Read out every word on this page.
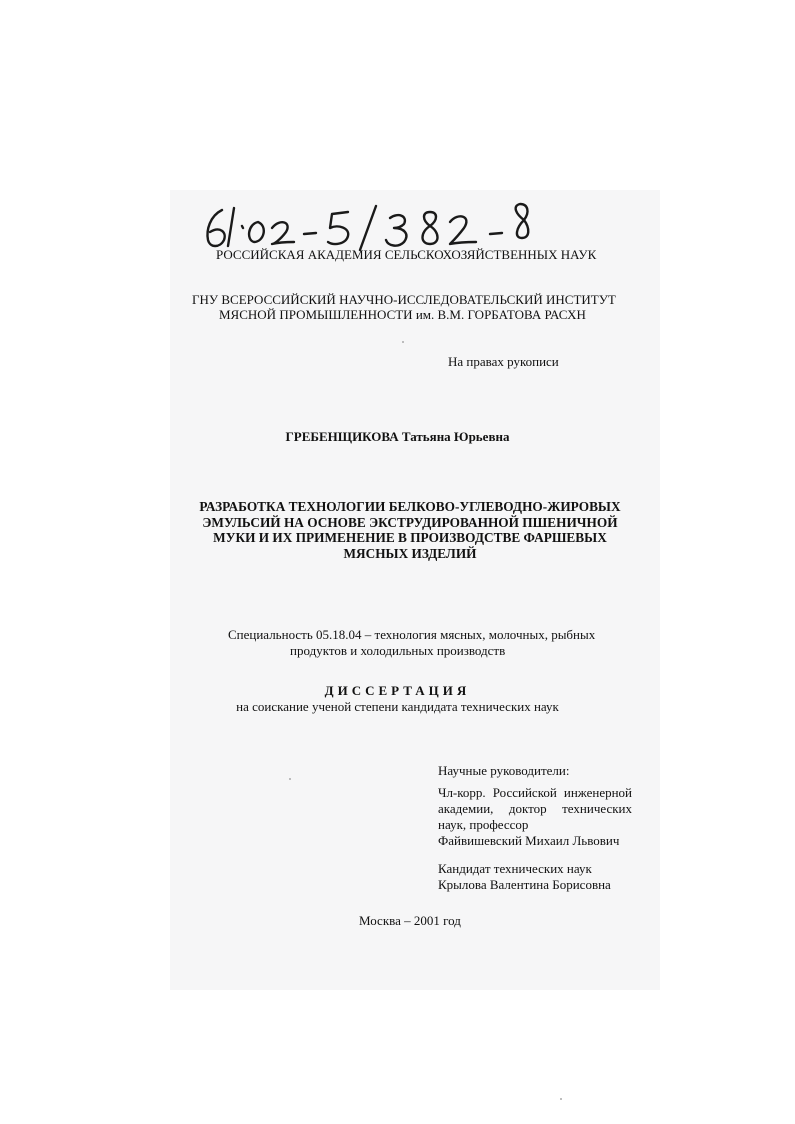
РОССИЙСКАЯ АКАДЕМИЯ СЕЛЬСКОХОЗЯЙСТВЕННЫХ НАУК
ГНУ ВСЕРОССИЙСКИЙ НАУЧНО-ИССЛЕДОВАТЕЛЬСКИЙ ИНСТИТУТ
МЯСНОЙ ПРОМЫШЛЕННОСТИ им. В.М. ГОРБАТОВА РАСХН
На правах рукописи
ГРЕБЕНЩИКОВА Татьяна Юрьевна
РАЗРАБОТКА ТЕХНОЛОГИИ БЕЛКОВО-УГЛЕВОДНО-ЖИРОВЫХ
ЭМУЛЬСИЙ НА ОСНОВЕ ЭКСТРУДИРОВАННОЙ ПШЕНИЧНОЙ
МУКИ И ИХ ПРИМЕНЕНИЕ В ПРОИЗВОДСТВЕ ФАРШЕВЫХ
МЯСНЫХ ИЗДЕЛИЙ
Специальность 05.18.04 – технология мясных, молочных, рыбных
продуктов и холодильных производств
ДИССЕРТАЦИЯ
на соискание ученой степени кандидата технических наук
Научные руководители:
Чл-корр. Российской инженерной
академии, доктор технических
наук, профессор
Файвишевский Михаил Львович
Кандидат технических наук
Крылова Валентина Борисовна
Москва – 2001 год
